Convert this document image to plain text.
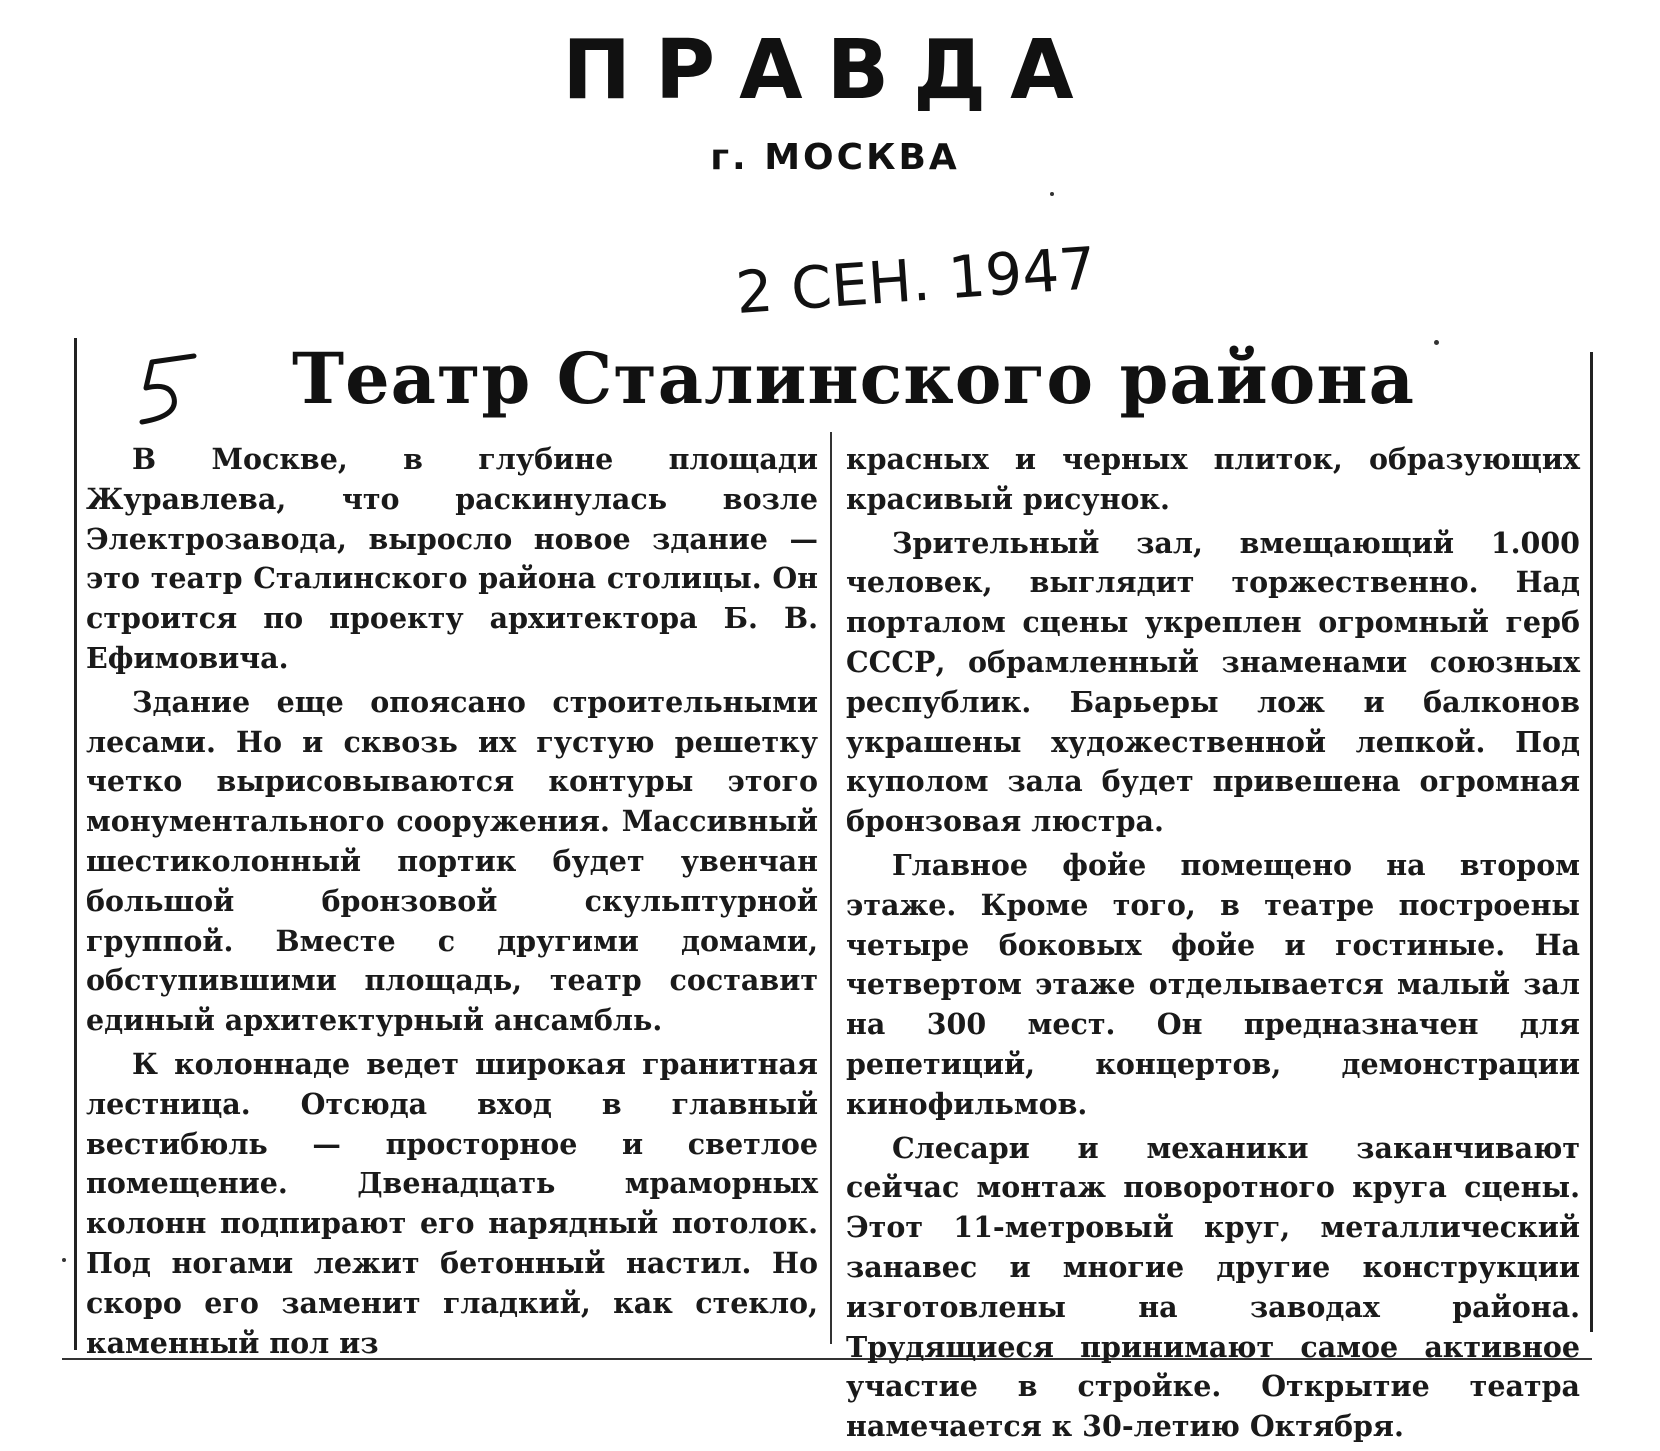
ПРАВДА
г. МОСКВА
2 СЕН. 1947
Театр Сталинского района

В Москве, в глубине площади Журавлева, что раскинулась возле Электрозавода, выросло новое здание — это театр Сталинского района столицы. Он строится по проекту архитектора Б. В. Ефимовича.

Здание еще опоясано строительными лесами. Но и сквозь их густую решетку четко вырисовываются контуры этого монументального сооружения. Массивный шестиколонный портик будет увенчан большой бронзовой скульптурной группой. Вместе с другими домами, обступившими площадь, театр составит единый архитектурный ансамбль.

К колоннаде ведет широкая гранитная лестница. Отсюда вход в главный вестибюль — просторное и светлое помещение. Двенадцать мраморных колонн подпирают его нарядный потолок. Под ногами лежит бетонный настил. Но скоро его заменит гладкий, как стекло, каменный пол из

красных и черных плиток, образующих красивый рисунок.

Зрительный зал, вмещающий 1.000 человек, выглядит торжественно. Над порталом сцены укреплен огромный герб СССР, обрамленный знаменами союзных республик. Барьеры лож и балконов украшены художественной лепкой. Под куполом зала будет привешена огромная бронзовая люстра.

Главное фойе помещено на втором этаже. Кроме того, в театре построены четыре боковых фойе и гостиные. На четвертом этаже отделывается малый зал на 300 мест. Он предназначен для репетиций, концертов, демонстрации кинофильмов.

Слесари и механики заканчивают сейчас монтаж поворотного круга сцены. Этот 11-метровый круг, металлический занавес и многие другие конструкции изготовлены на заводах района. Трудящиеся принимают самое активное участие в стройке. Открытие театра намечается к 30-летию Октября.
